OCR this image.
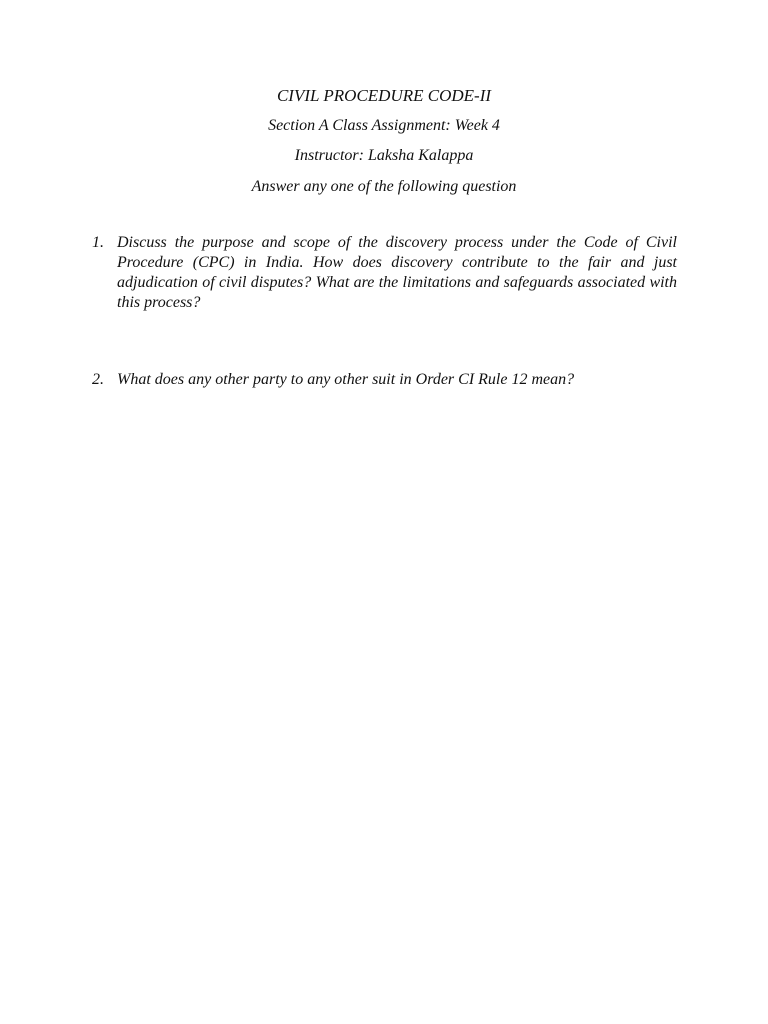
CIVIL PROCEDURE CODE-II
Section A Class Assignment: Week 4
Instructor: Laksha Kalappa
Answer any one of the following question
1. Discuss the purpose and scope of the discovery process under the Code of Civil Procedure (CPC) in India. How does discovery contribute to the fair and just adjudication of civil disputes? What are the limitations and safeguards associated with this process?
2. What does any other party to any other suit in Order CI Rule 12 mean?
